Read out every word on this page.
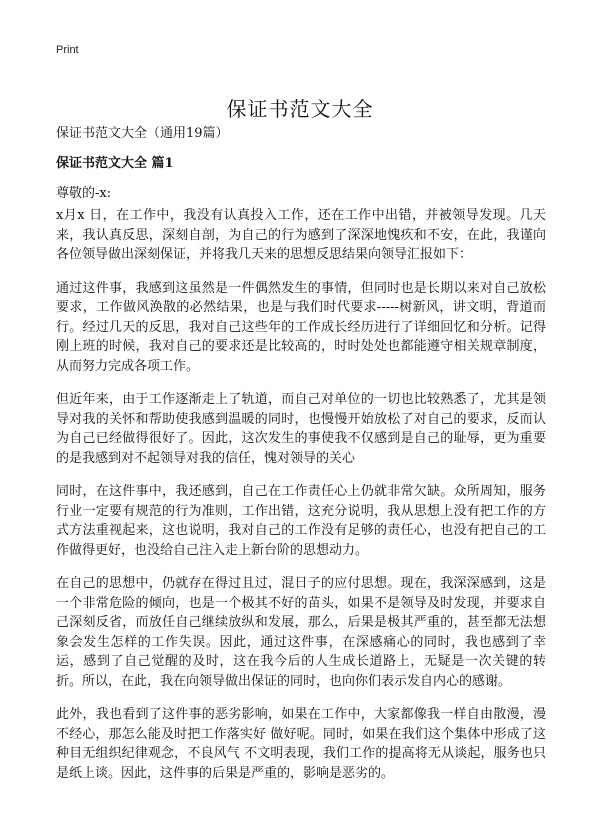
Print
保证书范文大全
保证书范文大全（通用19篇）
保证书范文大全 篇1
尊敬的-x:

x月x 日，在工作中，我没有认真投入工作，还在工作中出错，并被领导发现。几天来，我认真反思，深刻自剖，为自己的行为感到了深深地愧疚和不安，在此，我谨向各位领导做出深刻保证，并将我几天来的思想反思结果向领导汇报如下：

通过这件事，我感到这虽然是一件偶然发生的事情，但同时也是长期以来对自己放松要求，工作做风涣散的必然结果，也是与我们时代要求-----树新风，讲文明，背道而行。经过几天的反思，我对自己这些年的工作成长经历进行了详细回忆和分析。记得刚上班的时候，我对自己的要求还是比较高的，时时处处也都能遵守相关规章制度，从而努力完成各项工作。

但近年来，由于工作逐渐走上了轨道，而自己对单位的一切也比较熟悉了，尤其是领导对我的关怀和帮助使我感到温暖的同时，也慢慢开始放松了对自己的要求，反而认为自己已经做得很好了。因此，这次发生的事使我不仅感到是自己的耻辱，更为重要的是我感到对不起领导对我的信任，愧对领导的关心

同时，在这件事中，我还感到，自己在工作责任心上仍就非常欠缺。众所周知，服务行业一定要有规范的行为准则，工作出错，这充分说明，我从思想上没有把工作的方式方法重视起来，这也说明，我对自己的工作没有足够的责任心，也没有把自己的工作做得更好，也没给自己注入走上新台阶的思想动力。

在自己的思想中，仍就存在得过且过，混日子的应付思想。现在，我深深感到，这是一个非常危险的倾向，也是一个极其不好的苗头，如果不是领导及时发现，并要求自己深刻反省，而放任自己继续放纵和发展，那么，后果是极其严重的，甚至都无法想象会发生怎样的工作失误。因此，通过这件事，在深感痛心的同时，我也感到了幸运，感到了自己觉醒的及时，这在我今后的人生成长道路上，无疑是一次关键的转折。所以，在此，我在向领导做出保证的同时，也向你们表示发自内心的感谢。

此外，我也看到了这件事的恶劣影响，如果在工作中，大家都像我一样自由散漫，漫不经心，那怎么能及时把工作落实好 做好呢。同时，如果在我们这个集体中形成了这种目无组织纪律观念，不良风气 不文明表现，我们工作的提高将无从谈起，服务也只是纸上谈。因此，这件事的后果是严重的，影响是恶劣的。
